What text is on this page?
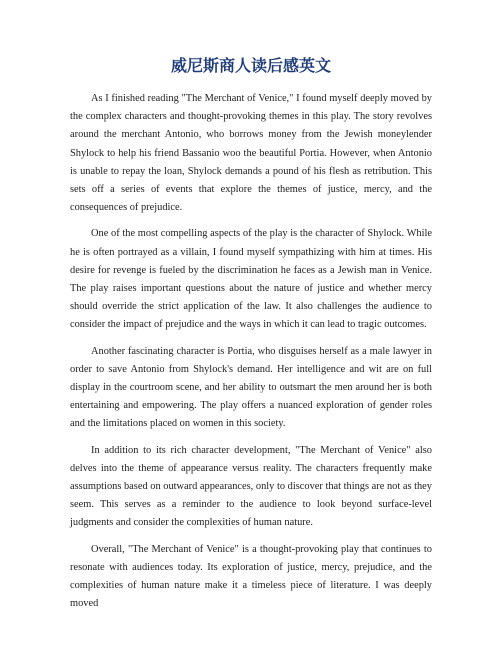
威尼斯商人读后感英文

As I finished reading "The Merchant of Venice," I found myself deeply moved by the complex characters and thought-provoking themes in this play. The story revolves around the merchant Antonio, who borrows money from the Jewish moneylender Shylock to help his friend Bassanio woo the beautiful Portia. However, when Antonio is unable to repay the loan, Shylock demands a pound of his flesh as retribution. This sets off a series of events that explore the themes of justice, mercy, and the consequences of prejudice.

One of the most compelling aspects of the play is the character of Shylock. While he is often portrayed as a villain, I found myself sympathizing with him at times. His desire for revenge is fueled by the discrimination he faces as a Jewish man in Venice. The play raises important questions about the nature of justice and whether mercy should override the strict application of the law. It also challenges the audience to consider the impact of prejudice and the ways in which it can lead to tragic outcomes.

Another fascinating character is Portia, who disguises herself as a male lawyer in order to save Antonio from Shylock's demand. Her intelligence and wit are on full display in the courtroom scene, and her ability to outsmart the men around her is both entertaining and empowering. The play offers a nuanced exploration of gender roles and the limitations placed on women in this society.

In addition to its rich character development, "The Merchant of Venice" also delves into the theme of appearance versus reality. The characters frequently make assumptions based on outward appearances, only to discover that things are not as they seem. This serves as a reminder to the audience to look beyond surface-level judgments and consider the complexities of human nature.

Overall, "The Merchant of Venice" is a thought-provoking play that continues to resonate with audiences today. Its exploration of justice, mercy, prejudice, and the complexities of human nature make it a timeless piece of literature. I was deeply moved
